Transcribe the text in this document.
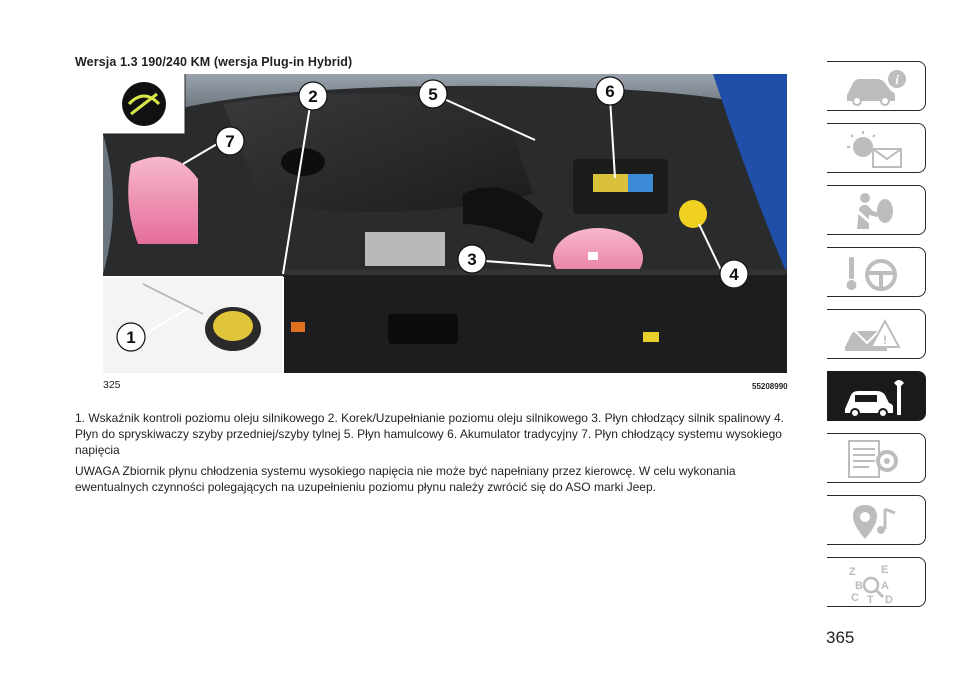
Wersja 1.3 190/240 KM (wersja Plug-in Hybrid)
1
2
3
4
5	6
7
325	55208990
1. Wskaźnik kontroli poziomu oleju silnikowego 2. Korek/Uzupełnianie poziomu oleju silnikowego 3. Płyn chłodzący silnik spalinowy 4. Płyn do spryskiwaczy szyby przedniej/szyby tylnej 5. Płyn hamulcowy 6. Akumulator tradycyjny 7. Płyn chłodzący systemu wysokiego napięcia
UWAGA Zbiornik płynu chłodzenia systemu wysokiego napięcia nie może być napełniany przez kierowcę. W celu wykonania ewentualnych czynności polegających na uzupełnieniu poziomu płynu należy zwrócić się do ASO marki Jeep.
i
!
Z E
B A
C T D
365
